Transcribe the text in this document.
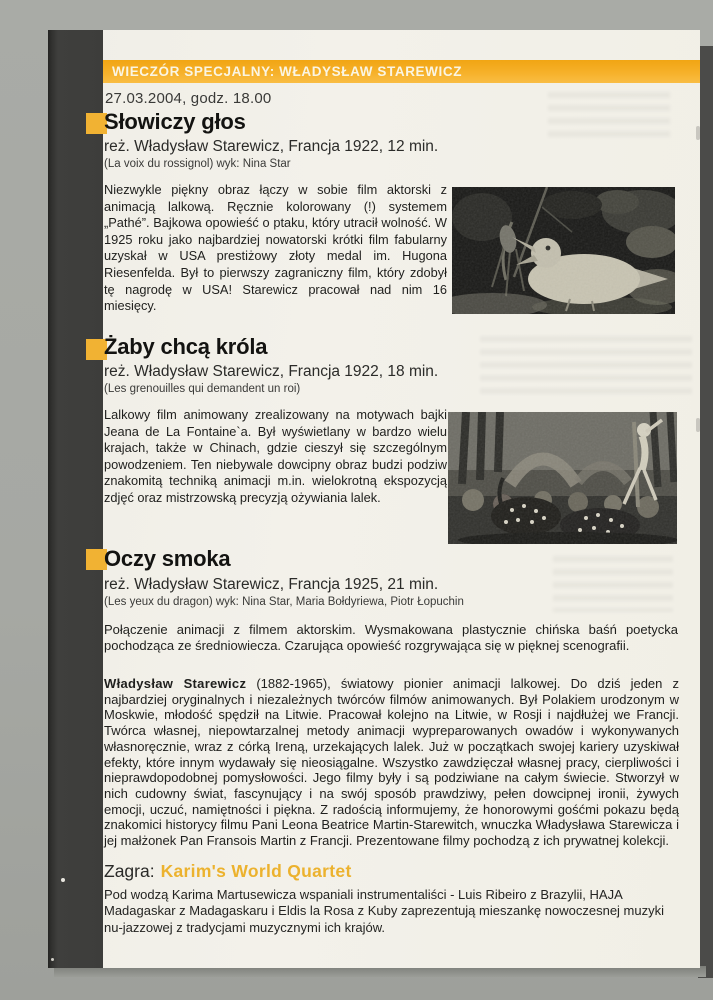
WIECZÓR SPECJALNY: WŁADYSŁAW STAREWICZ
27.03.2004, godz. 18.00
Słowiczy głos
reż. Władysław Starewicz, Francja 1922, 12 min.
(La voix du rossignol) wyk: Nina Star
Niezwykle piękny obraz łączy w sobie film aktorski z animacją lalkową. Ręcznie kolorowany (!) systemem „Pathé”. Bajkowa opowieść o ptaku, który utracił wolność. W 1925 roku jako najbardziej nowatorski krótki film fabularny uzyskał w USA prestiżowy złoty medal im. Hugona Riesenfelda. Był to pierwszy zagraniczny film, który zdobył tę nagrodę w USA! Starewicz pracował nad nim 16 miesięcy.
Żaby chcą króla
reż. Władysław Starewicz, Francja 1922, 18 min.
(Les grenouilles qui demandent un roi)
Lalkowy film animowany zrealizowany na motywach bajki Jeana de La Fontaine`a. Był wyświetlany w bardzo wielu krajach, także w Chinach, gdzie cieszył się szczególnym powodzeniem. Ten niebywale dowcipny obraz budzi podziw znakomitą techniką animacji m.in. wielokrotną ekspozycją zdjęć oraz mistrzowską precyzją ożywiania lalek.
Oczy smoka
reż. Władysław Starewicz, Francja 1925, 21 min.
(Les yeux du dragon) wyk: Nina Star, Maria Bołdyriewa, Piotr Łopuchin
Połączenie animacji z filmem aktorskim. Wysmakowana plastycznie chińska baśń poetycka pochodząca ze średniowiecza. Czarująca opowieść rozgrywająca się w pięknej scenografii.
Władysław Starewicz (1882-1965), światowy pionier animacji lalkowej. Do dziś jeden z najbardziej oryginalnych i niezależnych twórców filmów animowanych. Był Polakiem urodzonym w Moskwie, młodość spędził na Litwie. Pracował kolejno na Litwie, w Rosji i najdłużej we Francji. Twórca własnej, niepowtarzalnej metody animacji wypreparowanych owadów i wykonywanych własnoręcznie, wraz z córką Ireną, urzekających lalek. Już w początkach swojej kariery uzyskiwał efekty, które innym wydawały się nieosiągalne. Wszystko zawdzięczał własnej pracy, cierpliwości i nieprawdopodobnej pomysłowości. Jego filmy były i są podziwiane na całym świecie. Stworzył w nich cudowny świat, fascynujący i na swój sposób prawdziwy, pełen dowcipnej ironii, żywych emocji, uczuć, namiętności i piękna. Z radością informujemy, że honorowymi gośćmi pokazu będą znakomici historycy filmu Pani Leona Beatrice Martin-Starewitch, wnuczka Władysława Starewicza i jej małżonek Pan Fransois Martin z Francji. Prezentowane filmy pochodzą z ich prywatnej kolekcji.
Zagra: Karim's World Quartet
Pod wodzą Karima Martusewicza wspaniali instrumentaliści - Luis Ribeiro z Brazylii, HAJA Madagaskar z Madagaskaru i Eldis la Rosa z Kuby zaprezentują mieszankę nowoczesnej muzyki nu-jazzowej z tradycjami muzycznymi ich krajów.
